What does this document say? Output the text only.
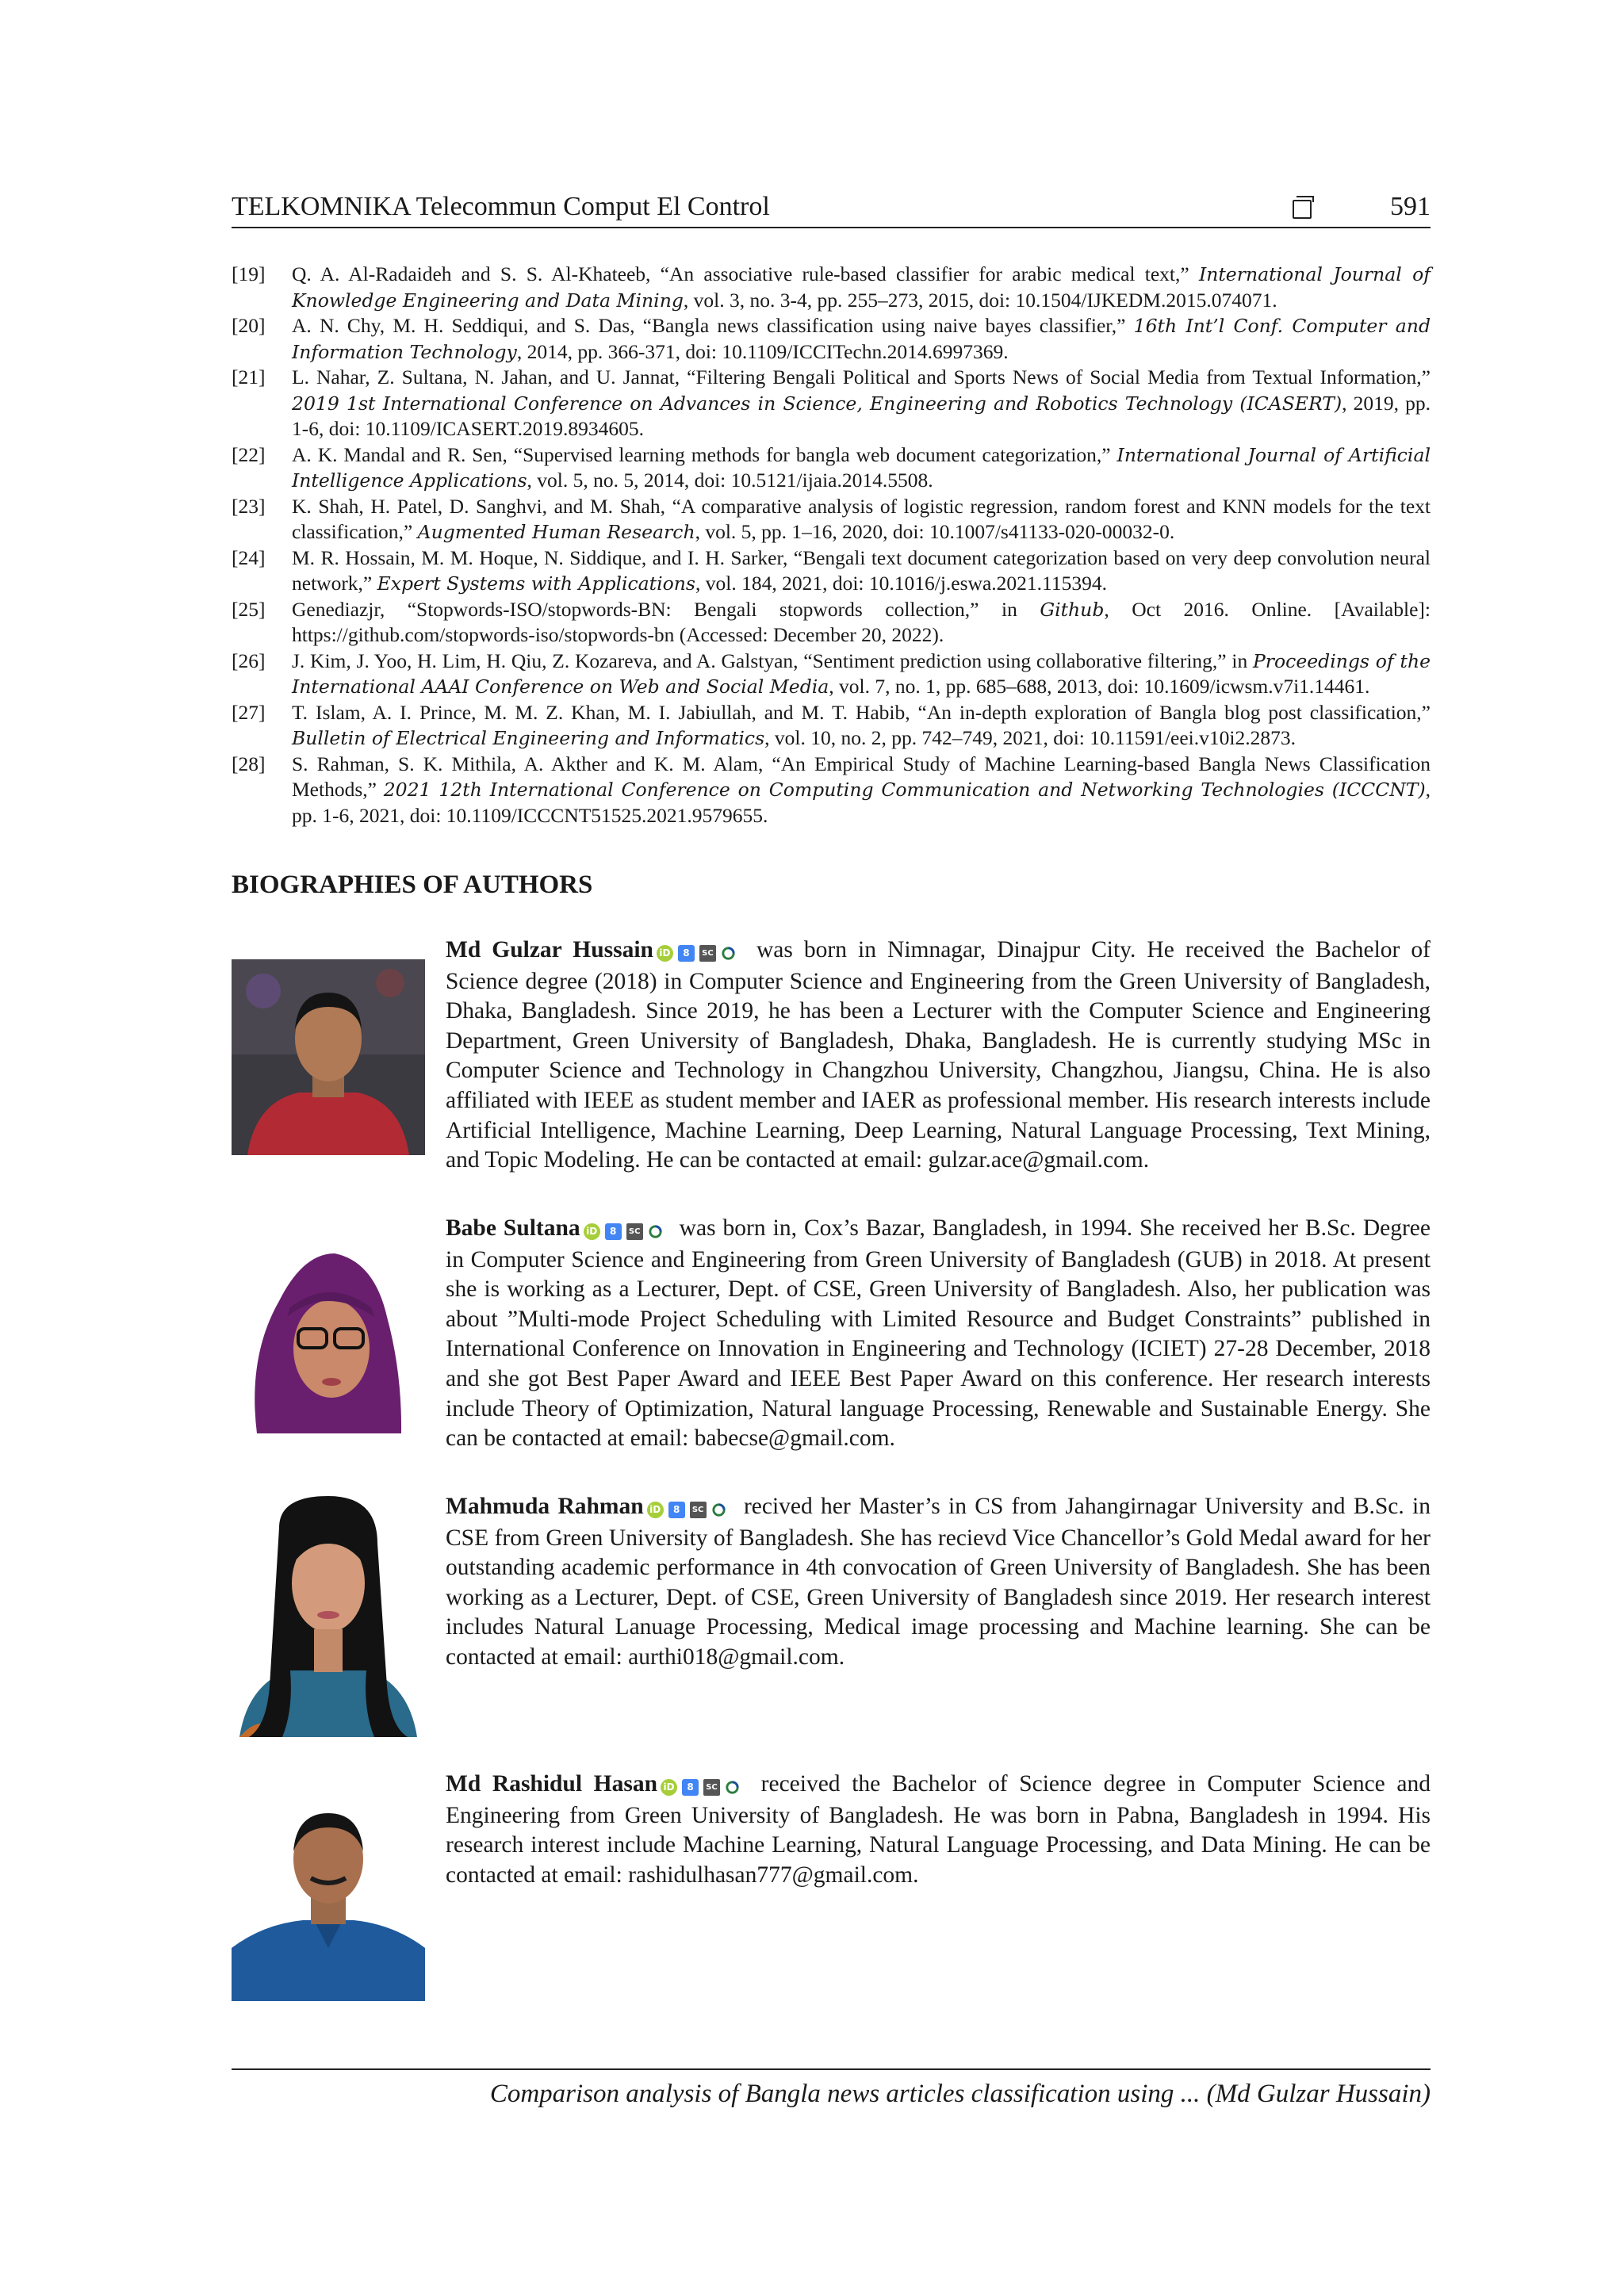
TELKOMNIKA Telecommun Comput El Control	591

[19] Q. A. Al-Radaideh and S. S. Al-Khateeb, “An associative rule-based classifier for arabic medical text,” International Journal of Knowledge Engineering and Data Mining, vol. 3, no. 3-4, pp. 255–273, 2015, doi: 10.1504/IJKEDM.2015.074071.

[20] A. N. Chy, M. H. Seddiqui, and S. Das, “Bangla news classification using naive bayes classifier,” 16th Int’l Conf. Computer and Information Technology, 2014, pp. 366-371, doi: 10.1109/ICCITechn.2014.6997369.

[21] L. Nahar, Z. Sultana, N. Jahan, and U. Jannat, “Filtering Bengali Political and Sports News of Social Media from Textual Information,” 2019 1st International Conference on Advances in Science, Engineering and Robotics Technology (ICASERT), 2019, pp. 1-6, doi: 10.1109/ICASERT.2019.8934605.

[22] A. K. Mandal and R. Sen, “Supervised learning methods for bangla web document categorization,” International Journal of Artificial Intelligence Applications, vol. 5, no. 5, 2014, doi: 10.5121/ijaia.2014.5508.

[23] K. Shah, H. Patel, D. Sanghvi, and M. Shah, “A comparative analysis of logistic regression, random forest and KNN models for the text classification,” Augmented Human Research, vol. 5, pp. 1–16, 2020, doi: 10.1007/s41133-020-00032-0.

[24] M. R. Hossain, M. M. Hoque, N. Siddique, and I. H. Sarker, “Bengali text document categorization based on very deep convolution neural network,” Expert Systems with Applications, vol. 184, 2021, doi: 10.1016/j.eswa.2021.115394.

[25] Genediazjr, “Stopwords-ISO/stopwords-BN: Bengali stopwords collection,” in Github, Oct 2016. Online. [Available]: https://github.com/stopwords-iso/stopwords-bn (Accessed: December 20, 2022).

[26] J. Kim, J. Yoo, H. Lim, H. Qiu, Z. Kozareva, and A. Galstyan, “Sentiment prediction using collaborative filtering,” in Proceedings of the International AAAI Conference on Web and Social Media, vol. 7, no. 1, pp. 685–688, 2013, doi: 10.1609/icwsm.v7i1.14461.

[27] T. Islam, A. I. Prince, M. M. Z. Khan, M. I. Jabiullah, and M. T. Habib, “An in-depth exploration of Bangla blog post classification,” Bulletin of Electrical Engineering and Informatics, vol. 10, no. 2, pp. 742–749, 2021, doi: 10.11591/eei.v10i2.2873.

[28] S. Rahman, S. K. Mithila, A. Akther and K. M. Alam, “An Empirical Study of Machine Learning-based Bangla News Classification Methods,” 2021 12th International Conference on Computing Communication and Networking Technologies (ICCCNT), pp. 1-6, 2021, doi: 10.1109/ICCCNT51525.2021.9579655.

BIOGRAPHIES OF AUTHORS
Md Gulzar Hussain iD 8 SC was born in Nimnagar, Dinajpur City. He received the Bachelor of Science degree (2018) in Computer Science and Engineering from the Green University of Bangladesh, Dhaka, Bangladesh. Since 2019, he has been a Lecturer with the Computer Science and Engineering Department, Green University of Bangladesh, Dhaka, Bangladesh. He is currently studying MSc in Computer Science and Technology in Changzhou University, Changzhou, Jiangsu, China. He is also affiliated with IEEE as student member and IAER as professional member. His research interests include Artificial Intelligence, Machine Learning, Deep Learning, Natural Language Processing, Text Mining, and Topic Modeling. He can be contacted at email: gulzar.ace@gmail.com.
Babe Sultana iD 8 SC was born in, Cox’s Bazar, Bangladesh, in 1994. She received her B.Sc. Degree in Computer Science and Engineering from Green University of Bangladesh (GUB) in 2018. At present she is working as a Lecturer, Dept. of CSE, Green University of Bangladesh. Also, her publication was about ”Multi-mode Project Scheduling with Limited Resource and Budget Constraints” published in International Conference on Innovation in Engineering and Technology (ICIET) 27-28 December, 2018 and she got Best Paper Award and IEEE Best Paper Award on this conference. Her research interests include Theory of Optimization, Natural language Processing, Renewable and Sustainable Energy. She can be contacted at email: babecse@gmail.com.
Mahmuda Rahman iD 8 SC recived her Master’s in CS from Jahangirnagar University and B.Sc. in CSE from Green University of Bangladesh. She has recievd Vice Chancellor’s Gold Medal award for her outstanding academic performance in 4th convocation of Green University of Bangladesh. She has been working as a Lecturer, Dept. of CSE, Green University of Bangladesh since 2019. Her research interest includes Natural Lanuage Processing, Medical image processing and Machine learning. She can be contacted at email: aurthi018@gmail.com.
Md Rashidul Hasan iD 8 SC received the Bachelor of Science degree in Computer Science and Engineering from Green University of Bangladesh. He was born in Pabna, Bangladesh in 1994. His research interest include Machine Learning, Natural Language Processing, and Data Mining. He can be contacted at email: rashidulhasan777@gmail.com.
Comparison analysis of Bangla news articles classification using ... (Md Gulzar Hussain)
